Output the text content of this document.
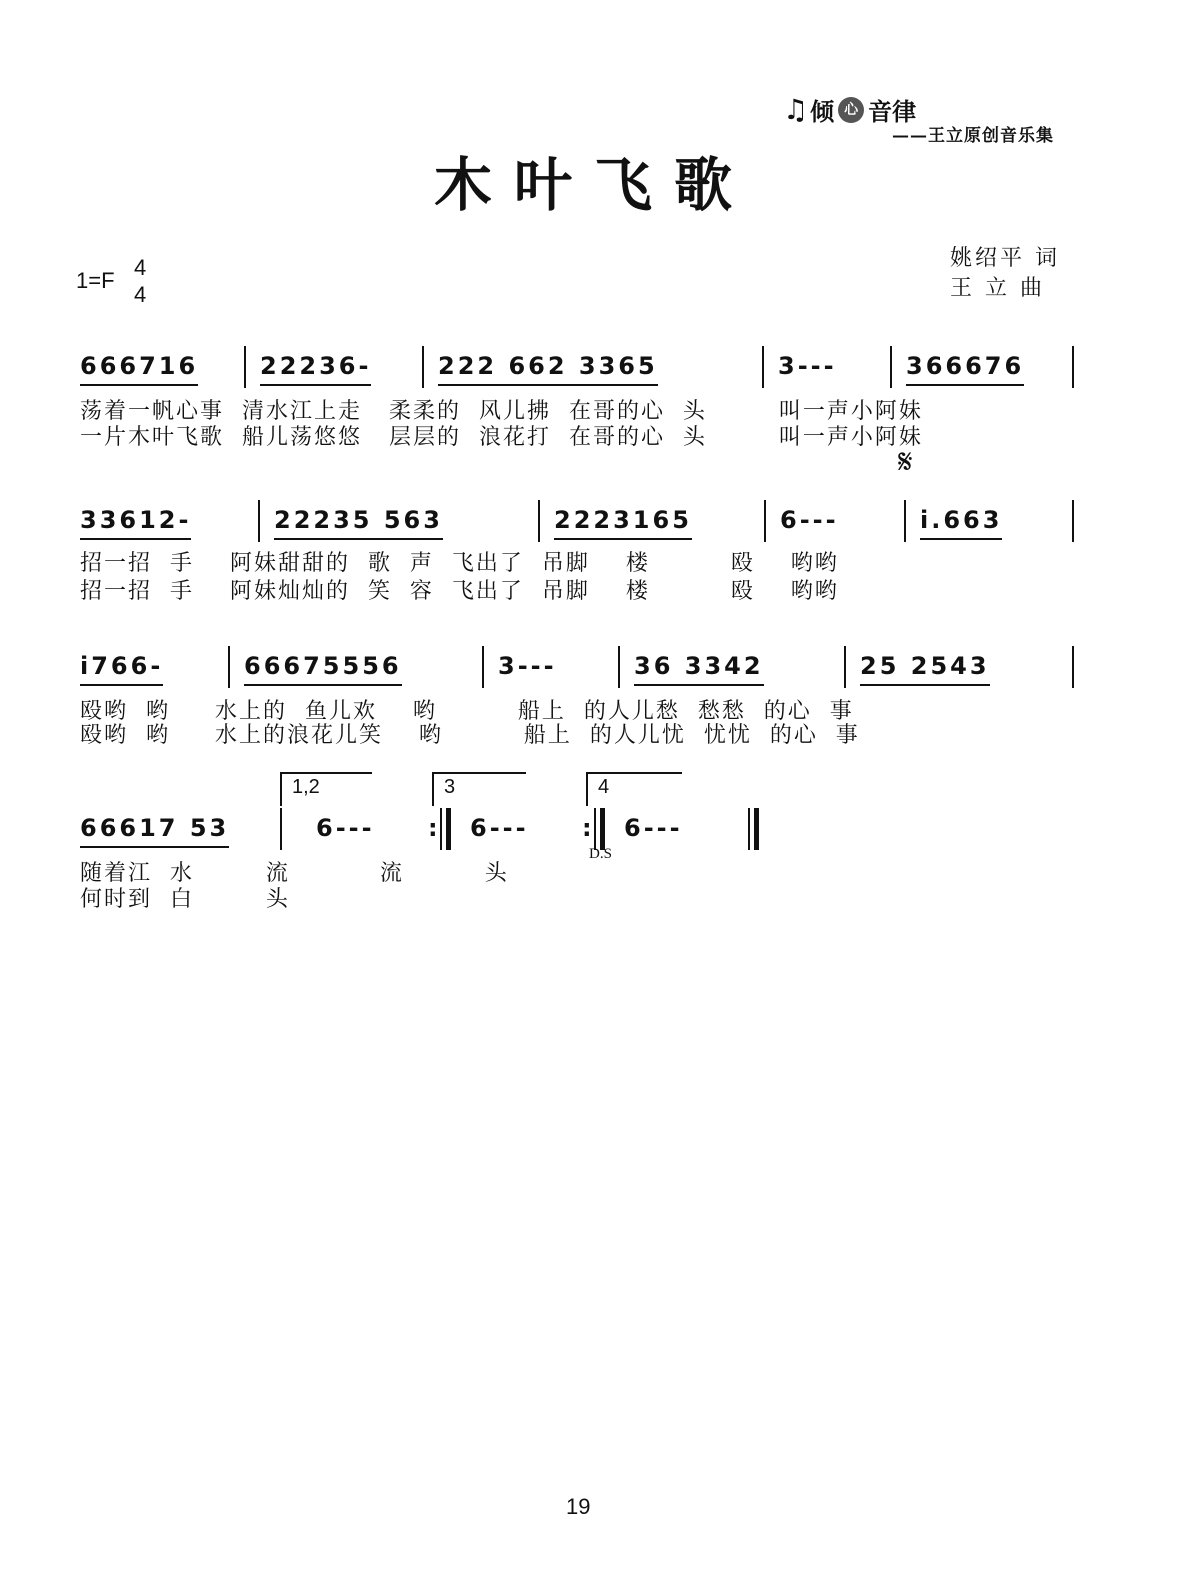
♫ 倾 心 音律
——王立原创音乐集
木叶飞歌
姚绍平 词
王 立 曲
1=F
4
4
666716	22236-	222 662 3365	3---	366676
荡着一帆心事  清水江上走   柔柔的  风儿拂  在哥的心  头        叫一声小阿妹
一片木叶飞歌  船儿荡悠悠   层层的  浪花打  在哥的心  头        叫一声小阿妹
𝄋
33612-	22235 563	2223165	6---	i.663
招一招  手    阿妹甜甜的  歌  声  飞出了  吊脚    楼         殴    哟哟
招一招  手    阿妹灿灿的  笑  容  飞出了  吊脚    楼         殴    哟哟
i766-	66675556	3---	36 3342	25 2543
殴哟  哟     水上的  鱼儿欢    哟         船上  的人儿愁  愁愁  的心  事
殴哟  哟     水上的浪花儿笑    哟         船上  的人儿忧  忧忧  的心  事
1,2	3	4
66617 53	6--- :	6--- :	6---
D.S
随着江  水        流          流         头
何时到  白        头
19
